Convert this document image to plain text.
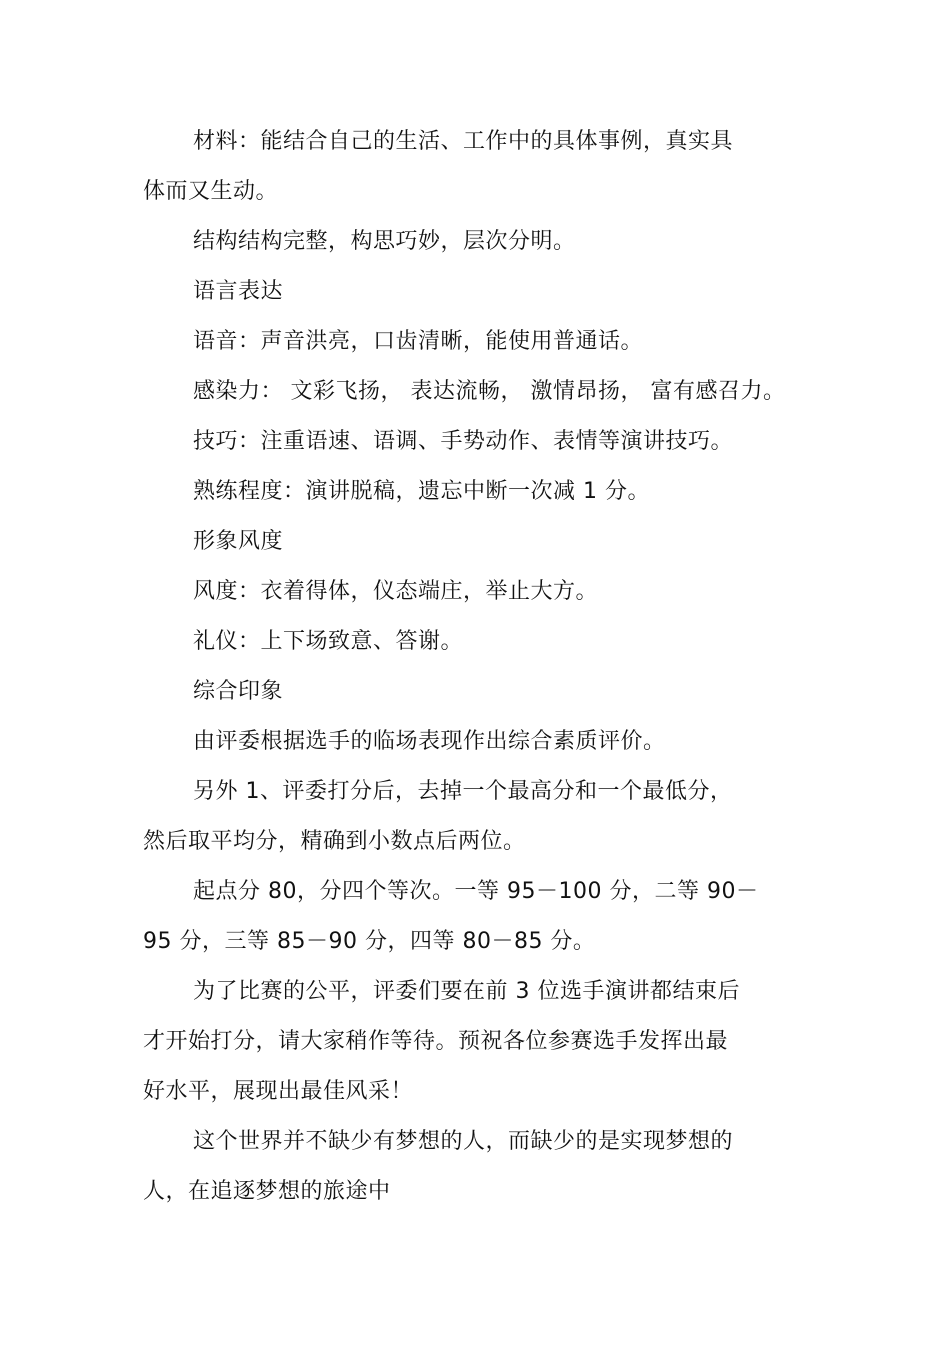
材料：能结合自己的生活、工作中的具体事例，真实具
体而又生动。
结构结构完整，构思巧妙，层次分明。
语言表达
语音：声音洪亮，口齿清晰，能使用普通话。
感染力： 文彩飞扬， 表达流畅， 激情昂扬， 富有感召力。
技巧：注重语速、语调、手势动作、表情等演讲技巧。
熟练程度：演讲脱稿，遗忘中断一次减 1 分。
形象风度
风度：衣着得体，仪态端庄，举止大方。
礼仪：上下场致意、答谢。
综合印象
由评委根据选手的临场表现作出综合素质评价。
另外 1、评委打分后，去掉一个最高分和一个最低分，
然后取平均分，精确到小数点后两位。
起点分 80，分四个等次。一等 95－100 分，二等 90－
95 分，三等 85－90 分，四等 80－85 分。
为了比赛的公平，评委们要在前 3 位选手演讲都结束后
才开始打分，请大家稍作等待。预祝各位参赛选手发挥出最
好水平，展现出最佳风采！
这个世界并不缺少有梦想的人，而缺少的是实现梦想的
人，在追逐梦想的旅途中
